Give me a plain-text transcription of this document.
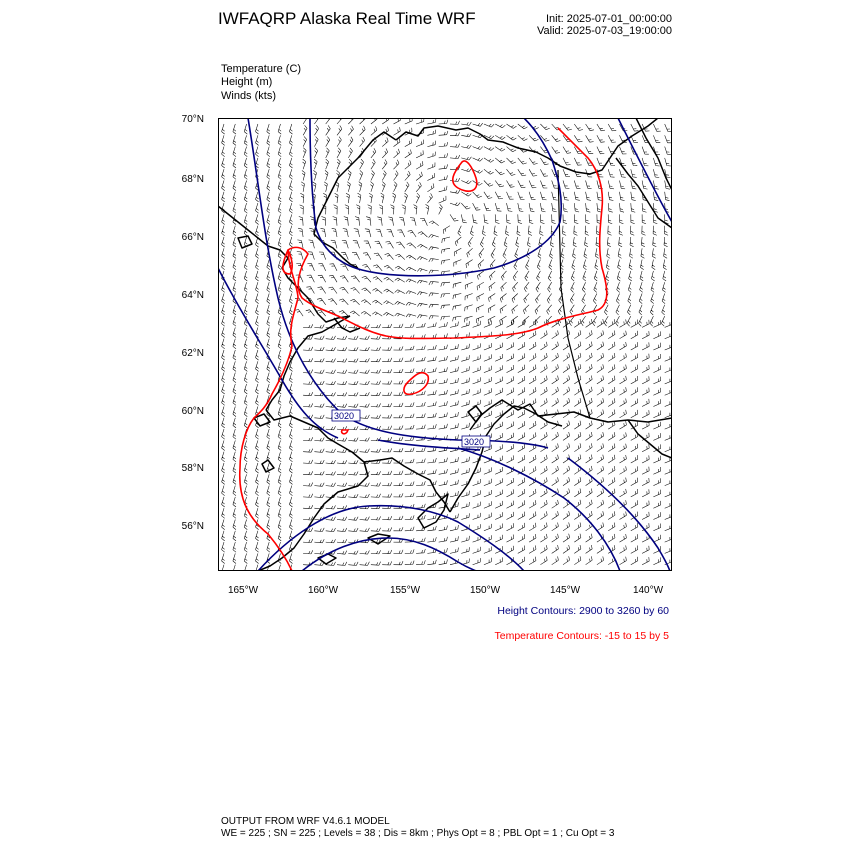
IWFAQRP Alaska Real Time WRF	Init: 2025-07-01_00:00:00
Valid: 2025-07-03_19:00:00
Temperature (C)
Height (m)
Winds (kts)
70°N
68°N
66°N
64°N
62°N
60°N
58°N
56°N
165°W	160°W	155°W	150°W	145°W	140°W
3020
3020
Height Contours: 2900 to 3260 by 60
Temperature Contours: -15 to 15 by 5
OUTPUT FROM WRF V4.6.1 MODEL
WE = 225 ; SN = 225 ; Levels = 38 ; Dis = 8km ; Phys Opt = 8 ; PBL Opt = 1 ; Cu Opt = 3
